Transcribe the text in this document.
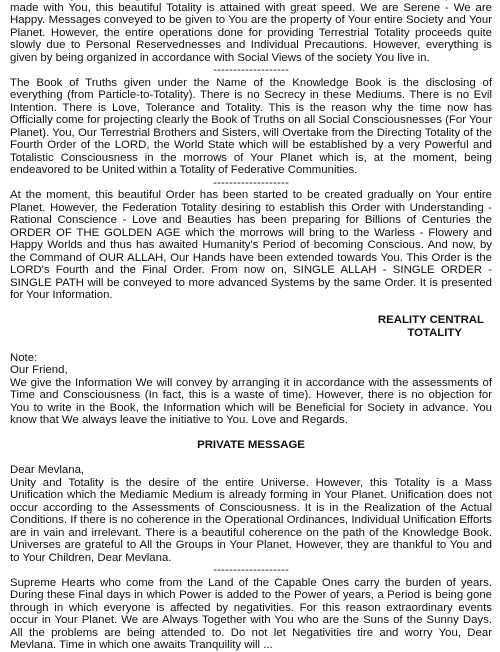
made with You, this beautiful Totality is attained with great speed. We are Serene - We are Happy. Messages conveyed to be given to You are the property of Your entire Society and Your Planet. However, the entire operations done for providing Terrestrial Totality proceeds quite slowly due to Personal Reservednesses and Individual Precautions. However, everything is given by being organized in accordance with Social Views of the society You live in.

-------------------

The Book of Truths given under the Name of the Knowledge Book is the disclosing of everything (from Particle-to-Totality). There is no Secrecy in these Mediums. There is no Evil Intention. There is Love, Tolerance and Totality. This is the reason why the time now has Officially come for projecting clearly the Book of Truths on all Social Consciousnesses (For Your Planet). You, Our Terrestrial Brothers and Sisters, will Overtake from the Directing Totality of the Fourth Order of the LORD, the World State which will be established by a very Powerful and Totalistic Consciousness in the morrows of Your Planet which is, at the moment, being endeavored to be United within a Totality of Federative Communities.

-------------------

At the moment, this beautiful Order has been started to be created gradually on Your entire Planet. However, the Federation Totality desiring to establish this Order with Understanding - Rational Conscience - Love and Beauties has been preparing for Billions of Centuries the ORDER OF THE GOLDEN AGE which the morrows will bring to the Warless - Flowery and Happy Worlds and thus has awaited Humanity's Period of becoming Conscious. And now, by the Command of OUR ALLAH, Our Hands have been extended towards You. This Order is the LORD's Fourth and the Final Order. From now on, SINGLE ALLAH - SINGLE ORDER - SINGLE PATH will be conveyed to more advanced Systems by the same Order. It is presented for Your Information.

REALITY CENTRAL
TOTALITY
Note:
Our Friend,

We give the Information We will convey by arranging it in accordance with the assessments of Time and Consciousness (In fact, this is a waste of time). However, there is no objection for You to write in the Book, the Information which will be Beneficial for Society in advance. You know that We always leave the initiative to You. Love and Regards.

PRIVATE MESSAGE
Dear Mevlana,

Unity and Totality is the desire of the entire Universe. However, this Totality is a Mass Unification which the Mediamic Medium is already forming in Your Planet. Unification does not occur according to the Assessments of Consciousness. It is in the Realization of the Actual Conditions. If there is no coherence in the Operational Ordinances, Individual Unification Efforts are in vain and irrelevant. There is a beautiful coherence on the path of the Knowledge Book. Universes are grateful to All the Groups in Your Planet. However, they are thankful to You and to Your Children, Dear Mevlana.

-------------------

Supreme Hearts who come from the Land of the Capable Ones carry the burden of years. During these Final days in which Power is added to the Power of years, a Period is being gone through in which everyone is affected by negativities. For this reason extraordinary events occur in Your Planet. We are Always Together with You who are the Suns of the Sunny Days. All the problems are being attended to. Do not let Negativities tire and worry You, Dear Mevlana. Time in which one awaits Tranquility will ...
